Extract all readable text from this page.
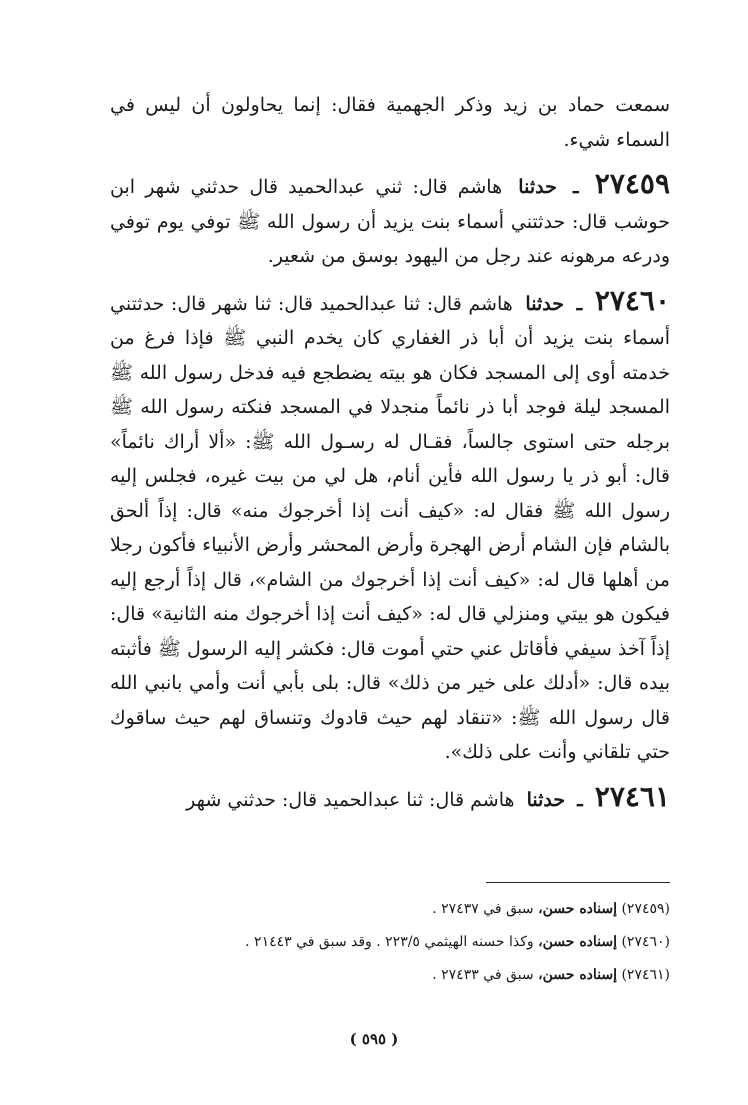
سمعت حماد بن زيد وذكر الجهمية فقال: إنما يحاولون أن ليس في السماء شيء.

٢٧٤٥٩ ـ حدثنا هاشم قال: ثني عبدالحميد قال حدثني شهر ابن حوشب قال: حدثتني أسماء بنت يزيد أن رسول الله ﷺ توفي يوم توفي ودرعه مرهونه عند رجل من اليهود بوسق من شعير.

٢٧٤٦٠ ـ حدثنا هاشم قال: ثنا عبدالحميد قال: ثنا شهر قال: حدثتني أسماء بنت يزيد أن أبا ذر الغفاري كان يخدم النبي ﷺ فإذا فرغ من خدمته أوى إلى المسجد فكان هو بيته يضطجع فيه فدخل رسول الله ﷺ المسجد ليلة فوجد أبا ذر نائماً منجدلا في المسجد فنكته رسول الله ﷺ برجله حتى استوى جالساً، فقـال له رسـول الله ﷺ: «ألا أراك نائماً» قال: أبو ذر يا رسول الله فأين أنام، هل لي من بيت غيره، فجلس إليه رسول الله ﷺ فقال له: «كيف أنت إذا أخرجوك منه» قال: إذاً ألحق بالشام فإن الشام أرض الهجرة وأرض المحشر وأرض الأنبياء فأكون رجلا من أهلها قال له: «كيف أنت إذا أخرجوك من الشام»، قال إذاً أرجع إليه فيكون هو بيتي ومنزلي قال له: «كيف أنت إذا أخرجوك منه الثانية» قال: إذاً آخذ سيفي فأقاتل عني حتي أموت قال: فكشر إليه الرسول ﷺ فأثبته بيده قال: «أدلك على خير من ذلك» قال: بلى بأبي أنت وأمي بانبي الله قال رسول الله ﷺ: «تنقاد لهم حيث قادوك وتنساق لهم حيث ساقوك حتي تلقاني وأنت على ذلك».

٢٧٤٦١ ـ حدثنا هاشم قال: ثنا عبدالحميد قال: حدثني شهر

(٢٧٤٥٩) إسناده حسن، سبق في ٢٧٤٣٧ .
(٢٧٤٦٠) إسناده حسن، وكذا حسنه الهيثمي ٢٢٣/٥ . وقد سبق في ٢١٤٤٣ .
(٢٧٤٦١) إسناده حسن، سبق في ٢٧٤٣٣ .
( ٥٩٥ )
